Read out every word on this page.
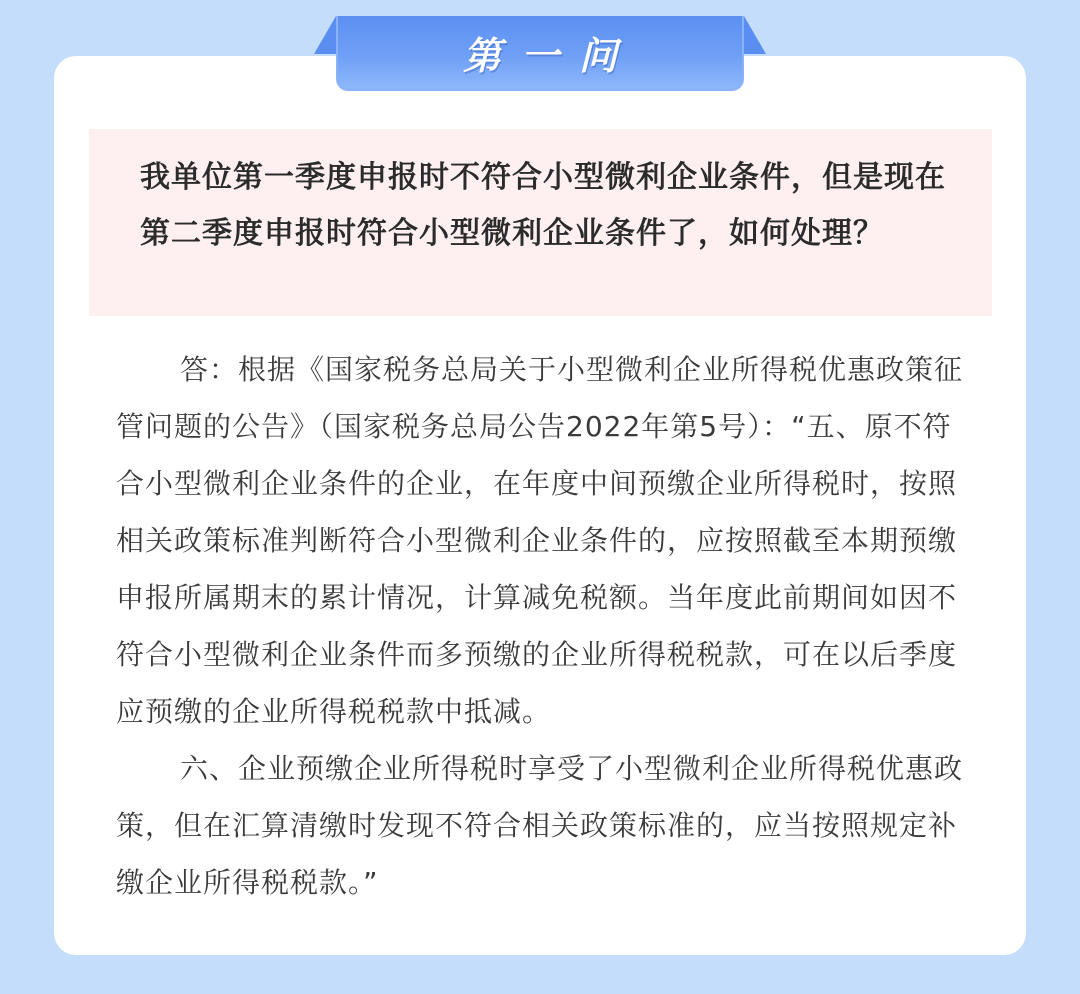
第一问
我单位第一季度申报时不符合小型微利企业条件，但是现在第二季度申报时符合小型微利企业条件了，如何处理？

答：根据《国家税务总局关于小型微利企业所得税优惠政策征管问题的公告》（国家税务总局公告2022年第5号）：“五、原不符合小型微利企业条件的企业，在年度中间预缴企业所得税时，按照相关政策标准判断符合小型微利企业条件的，应按照截至本期预缴申报所属期末的累计情况，计算减免税额。当年度此前期间如因不符合小型微利企业条件而多预缴的企业所得税税款，可在以后季度应预缴的企业所得税税款中抵减。

六、企业预缴企业所得税时享受了小型微利企业所得税优惠政策，但在汇算清缴时发现不符合相关政策标准的，应当按照规定补缴企业所得税税款。”
